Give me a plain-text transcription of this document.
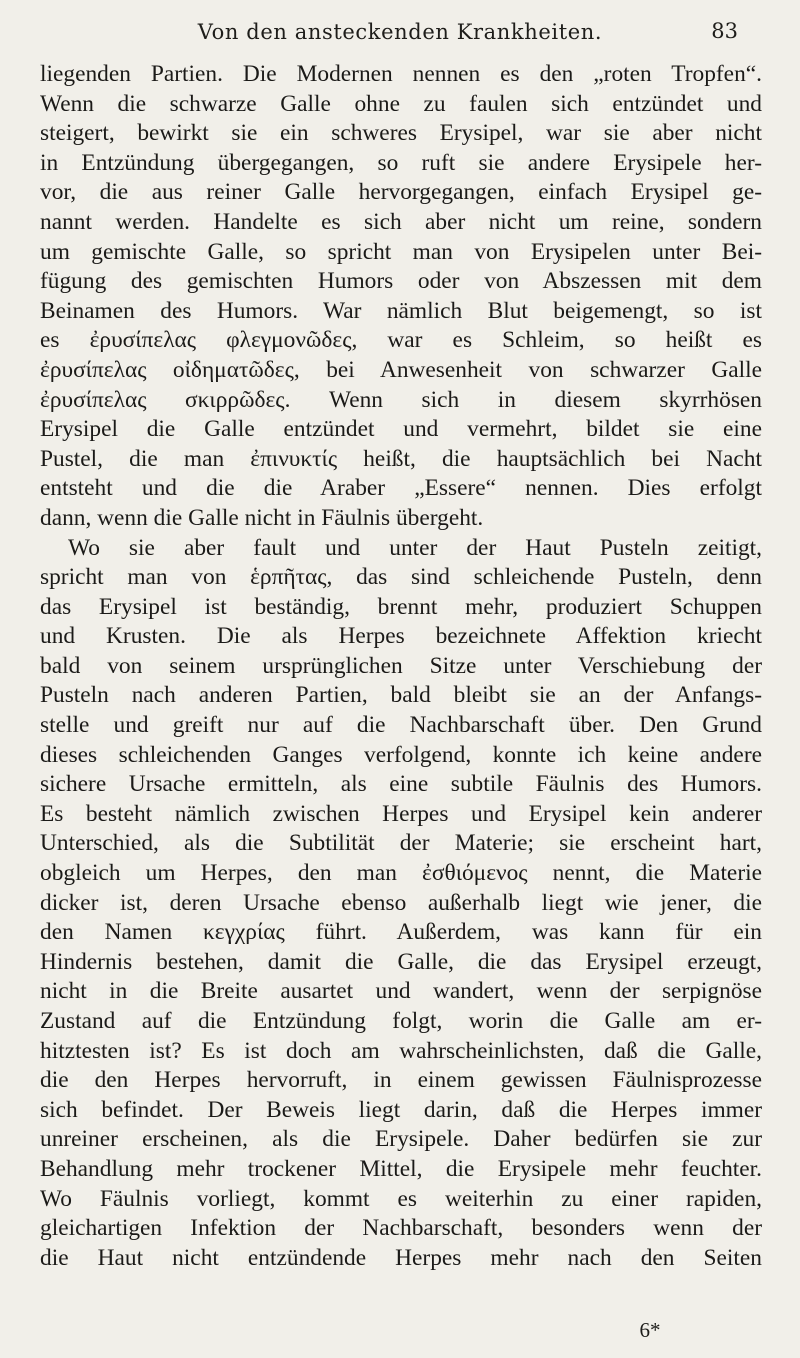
Von den ansteckenden Krankheiten.	83
liegenden Partien. Die Modernen nennen es den „roten Tropfen“.
Wenn die schwarze Galle ohne zu faulen sich entzündet und
steigert, bewirkt sie ein schweres Erysipel, war sie aber nicht
in Entzündung übergegangen, so ruft sie andere Erysipele her-
vor, die aus reiner Galle hervorgegangen, einfach Erysipel ge-
nannt werden. Handelte es sich aber nicht um reine, sondern
um gemischte Galle, so spricht man von Erysipelen unter Bei-
fügung des gemischten Humors oder von Abszessen mit dem
Beinamen des Humors. War nämlich Blut beigemengt, so ist
es ἐρυσίπελας φλεγμονῶδες, war es Schleim, so heißt es
ἐρυσίπελας οἰδηματῶδες, bei Anwesenheit von schwarzer Galle
ἐρυσίπελας σκιρρῶδες. Wenn sich in diesem skyrrhösen
Erysipel die Galle entzündet und vermehrt, bildet sie eine
Pustel, die man ἐπινυκτίς heißt, die hauptsächlich bei Nacht
entsteht und die die Araber „Essere“ nennen. Dies erfolgt
dann, wenn die Galle nicht in Fäulnis übergeht.
Wo sie aber fault und unter der Haut Pusteln zeitigt,
spricht man von ἑρπῆτας, das sind schleichende Pusteln, denn
das Erysipel ist beständig, brennt mehr, produziert Schuppen
und Krusten. Die als Herpes bezeichnete Affektion kriecht
bald von seinem ursprünglichen Sitze unter Verschiebung der
Pusteln nach anderen Partien, bald bleibt sie an der Anfangs-
stelle und greift nur auf die Nachbarschaft über. Den Grund
dieses schleichenden Ganges verfolgend, konnte ich keine andere
sichere Ursache ermitteln, als eine subtile Fäulnis des Humors.
Es besteht nämlich zwischen Herpes und Erysipel kein anderer
Unterschied, als die Subtilität der Materie; sie erscheint hart,
obgleich um Herpes, den man ἐσθιόμενος nennt, die Materie
dicker ist, deren Ursache ebenso außerhalb liegt wie jener, die
den Namen κεγχρίας führt. Außerdem, was kann für ein
Hindernis bestehen, damit die Galle, die das Erysipel erzeugt,
nicht in die Breite ausartet und wandert, wenn der serpignöse
Zustand auf die Entzündung folgt, worin die Galle am er-
hitztesten ist? Es ist doch am wahrscheinlichsten, daß die Galle,
die den Herpes hervorruft, in einem gewissen Fäulnisprozesse
sich befindet. Der Beweis liegt darin, daß die Herpes immer
unreiner erscheinen, als die Erysipele. Daher bedürfen sie zur
Behandlung mehr trockener Mittel, die Erysipele mehr feuchter.
Wo Fäulnis vorliegt, kommt es weiterhin zu einer rapiden,
gleichartigen Infektion der Nachbarschaft, besonders wenn der
die Haut nicht entzündende Herpes mehr nach den Seiten
6*
